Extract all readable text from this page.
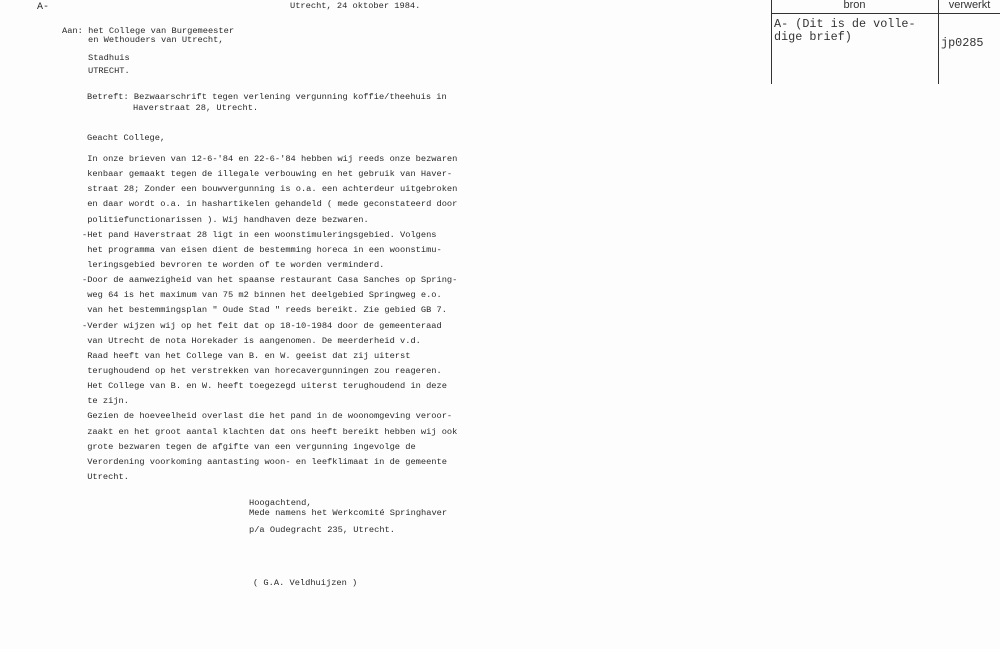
A-	Utrecht, 24 oktober 1984.
Aan: het College van Burgemeester
en Wethouders van Utrecht,
Stadhuis
UTRECHT.
Betreft: Bezwaarschrift tegen verlening vergunning koffie/theehuis in
Haverstraat 28, Utrecht.
Geacht College,
In onze brieven van 12-6-'84 en 22-6-'84 hebben wij reeds onze bezwaren
kenbaar gemaakt tegen de illegale verbouwing en het gebruik van Haver-
straat 28; Zonder een bouwvergunning is o.a. een achterdeur uitgebroken
en daar wordt o.a. in hashartikelen gehandeld ( mede geconstateerd door
politiefunctionarissen ). Wij handhaven deze bezwaren.
-Het pand Haverstraat 28 ligt in een woonstimuleringsgebied. Volgens
het programma van eisen dient de bestemming horeca in een woonstimu-
leringsgebied bevroren te worden of te worden verminderd.
-Door de aanwezigheid van het spaanse restaurant Casa Sanches op Spring-
weg 64 is het maximum van 75 m2 binnen het deelgebied Springweg e.o.
van het bestemmingsplan " Oude Stad " reeds bereikt. Zie gebied GB 7.
-Verder wijzen wij op het feit dat op 18-10-1984 door de gemeenteraad
van Utrecht de nota Horekader is aangenomen. De meerderheid v.d.
Raad heeft van het College van B. en W. geeist dat zij uiterst
terughoudend op het verstrekken van horecavergunningen zou reageren.
Het College van B. en W. heeft toegezegd uiterst terughoudend in deze
te zijn.
Gezien de hoeveelheid overlast die het pand in de woonomgeving veroor-
zaakt en het groot aantal klachten dat ons heeft bereikt hebben wij ook
grote bezwaren tegen de afgifte van een vergunning ingevolge de
Verordening voorkoming aantasting woon- en leefklimaat in de gemeente
Utrecht.
Hoogachtend,
Mede namens het Werkcomité Springhaver
p/a Oudegracht 235, Utrecht.
( G.A. Veldhuijzen )
bron	verwerkt
A- (Dit is de volle-
dige brief)	jp0285
